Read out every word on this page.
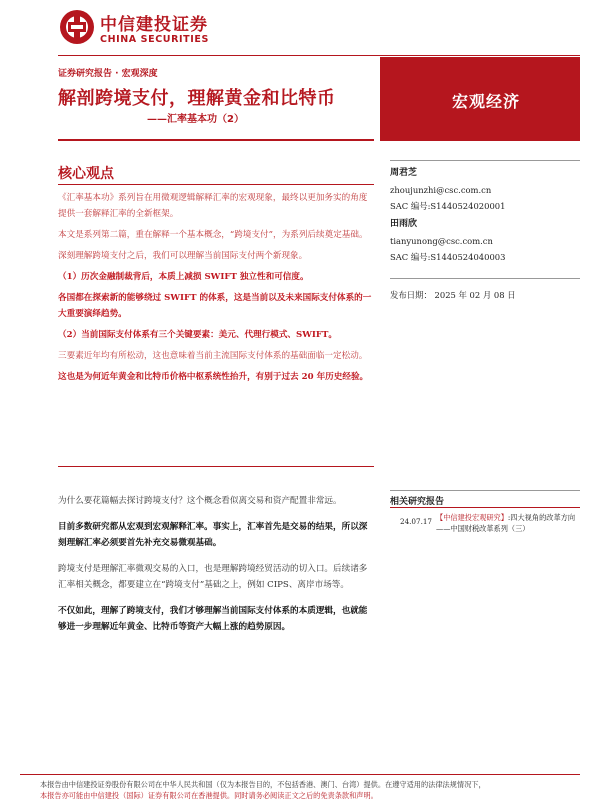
中信建投证券
CHINA SECURITIES
证券研究报告 · 宏观深度
解剖跨境支付，理解黄金和比特币
——汇率基本功（2）
宏观经济
核心观点

《汇率基本功》系列旨在用微观逻辑解释汇率的宏观现象，最终以更加务实的角度提供一套解释汇率的全新框架。

本文是系列第二篇，重在解释一个基本概念，“跨境支付”，为系列后续奠定基础。

深刻理解跨境支付之后，我们可以理解当前国际支付两个新现象。

（1）历次金融制裁背后，本质上减损 SWIFT 独立性和可信度。

各国都在探索新的能够绕过 SWIFT 的体系，这是当前以及未来国际支付体系的一大重要演绎趋势。

（2）当前国际支付体系有三个关键要素：美元、代理行模式、SWIFT。

三要素近年均有所松动，这也意味着当前主流国际支付体系的基础面临一定松动。

这也是为何近年黄金和比特币价格中枢系统性抬升，有别于过去 20 年历史经验。

周君芝
zhoujunzhi@csc.com.cn
SAC 编号:S1440524020001
田雨欣
tianyunong@csc.com.cn
SAC 编号:S1440524040003
发布日期： 2025 年 02 月 08 日
相关研究报告
24.07.17 【中信建投宏观研究】:四大视角的改革方向——中国财税改革系列（三）

为什么要花篇幅去探讨跨境支付？这个概念看似离交易和资产配置非常远。

目前多数研究都从宏观到宏观解释汇率。事实上，汇率首先是交易的结果，所以深刻理解汇率必须要首先补充交易微观基础。

跨境支付是理解汇率微观交易的入口，也是理解跨境经贸活动的切入口。后续诸多汇率相关概念，都要建立在“跨境支付”基础之上，例如 CIPS、离岸市场等。

不仅如此，理解了跨境支付，我们才够理解当前国际支付体系的本质逻辑，也就能够进一步理解近年黄金、比特币等资产大幅上涨的趋势原因。

本报告由中信建投证券股份有限公司在中华人民共和国（仅为本报告目的，不包括香港、澳门、台湾）提供。在遵守适用的法律法规情况下，
本报告亦可能由中信建投（国际）证券有限公司在香港提供。同时请务必阅读正文之后的免责条款和声明。
